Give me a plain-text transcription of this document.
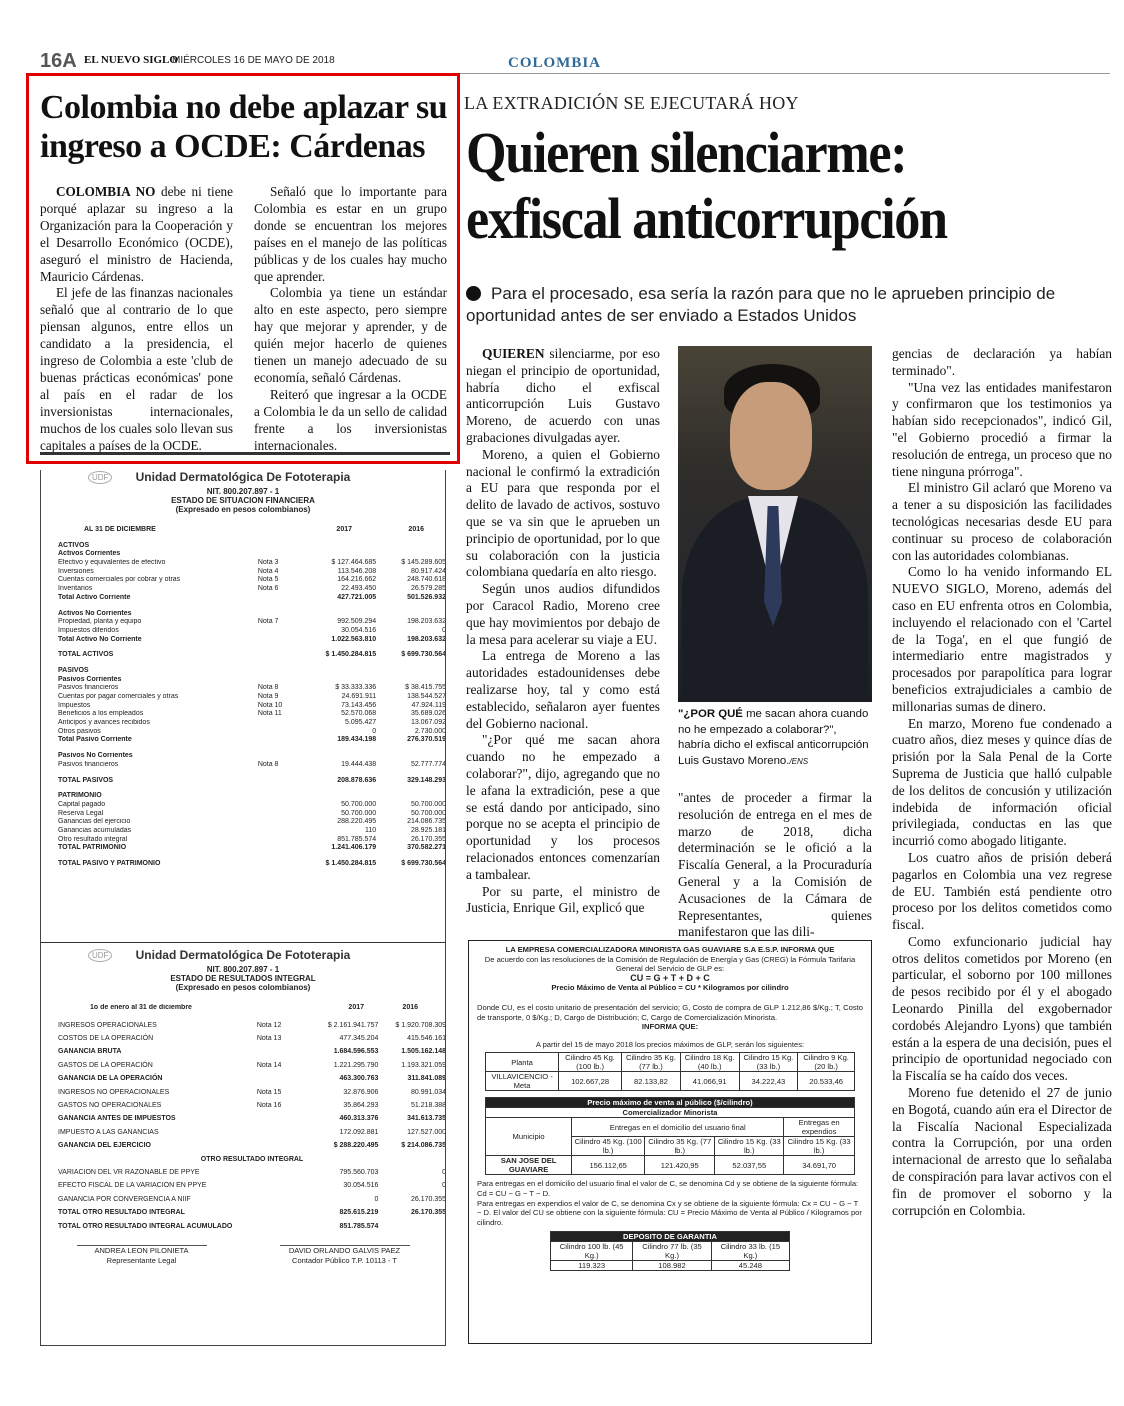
16A EL NUEVO SIGLO
MIÉRCOLES 16 DE MAYO DE 2018	COLOMBIA
Colombia no debe aplazar su ingreso a OCDE: Cárdenas

COLOMBIA NO debe ni tiene porqué aplazar su ingreso a la Organización para la Cooperación y el Desarrollo Económico (OCDE), aseguró el ministro de Hacienda, Mauricio Cárdenas.

El jefe de las finanzas nacionales señaló que al contrario de lo que piensan algunos, entre ellos un candidato a la presidencia, el ingreso de Colombia a este 'club de buenas prácticas económicas' pone al país en el radar de los inversionistas internacionales, muchos de los cuales solo llevan sus capitales a países de la OCDE.

Señaló que lo importante para Colombia es estar en un grupo donde se encuentran los mejores países en el manejo de las políticas públicas y de los cuales hay mucho que aprender.

Colombia ya tiene un estándar alto en este aspecto, pero siempre hay que mejorar y aprender, y de quién mejor hacerlo de quienes tienen un manejo adecuado de su economía, señaló Cárdenas.

Reiteró que ingresar a la OCDE a Colombia le da un sello de calidad frente a los inversionistas internacionales.

UDF	Unidad Dermatológica De Fototerapia
NIT. 800.207.897 - 1
ESTADO DE SITUACION FINANCIERA
(Expresado en pesos colombianos)
AL 31 DE DICIEMBRE	2017	2016
ACTIVOS
Activos Corrientes
Efectivo y equivalentes de efectivo	Nota 3	$ 127.464.685	$ 145.289.605
Inversiones	Nota 4	113.546.208	80.917.424
Cuentas comerciales por cobrar y otras	Nota 5	164.216.662	248.740.618
Inventarios	Nota 6	22.493.450	26.579.285
Total Activo Corriente	427.721.005	501.526.932
Activos No Corrientes
Propiedad, planta y equipo	Nota 7	992.509.294	198.203.632
Impuestos diferidos	30.054.516	0
Total Activo No Corriente	1.022.563.810	198.203.632
TOTAL ACTIVOS	$ 1.450.284.815	$ 699.730.564
PASIVOS
Pasivos Corrientes
Pasivos financieros	Nota 8	$ 33.333.336	$ 38.415.755
Cuentas por pagar comerciales y otras	Nota 9	24.691.911	138.544.527
Impuestos	Nota 10	73.143.456	47.924.119
Beneficios a los empleados	Nota 11	52.570.068	35.689.026
Anticipos y avances recibidos	5.095.427	13.067.092
Otros pasivos	0	2.730.000
Total Pasivo Corriente	189.434.198	276.370.519
Pasivos No Corrientes
Pasivos financieros	Nota 8	19.444.438	52.777.774
TOTAL PASIVOS	208.878.636	329.148.293
PATRIMONIO
Capital pagado	50.700.000	50.700.000
Reserva Legal	50.700.000	50.700.000
Ganancias del ejercicio	288.220.495	214.086.735
Ganancias acumuladas	110	28.925.181
Otro resultado integral	851.785.574	26.170.355
TOTAL PATRIMONIO	1.241.406.179	370.582.271
TOTAL PASIVO Y PATRIMONIO	$ 1.450.284.815	$ 699.730.564
UDF	Unidad Dermatológica De Fototerapia
NIT. 800.207.897 - 1
ESTADO DE RESULTADOS INTEGRAL
(Expresado en pesos colombianos)
1o de enero al 31 de diciembre	2017	2016
INGRESOS OPERACIONALES	Nota 12	$ 2.161.941.757	$ 1.920.708.309
COSTOS DE LA OPERACIÓN	Nota 13	477.345.204	415.546.161
GANANCIA BRUTA	1.684.596.553	1.505.162.148
GASTOS DE LA OPERACIÓN	Nota 14	1.221.295.790	1.193.321.059
GANANCIA DE LA OPERACIÓN	463.300.763	311.841.089
INGRESOS NO OPERACIONALES	Nota 15	32.876.906	80.991.034
GASTOS NO OPERACIONALES	Nota 16	35.864.293	51.218.388
GANANCIA ANTES DE IMPUESTOS	460.313.376	341.613.735
IMPUESTO A LAS GANANCIAS	172.092.881	127.527.000
GANANCIA DEL EJERCICIO	$ 288.220.495	$ 214.086.735
OTRO RESULTADO INTEGRAL
VARIACION DEL VR RAZONABLE DE PPYE	795.560.703	0
EFECTO FISCAL DE LA VARIACION EN PPYE	30.054.516	0
GANANCIA POR CONVERGENCIA A NIIF	0	26.170.355
TOTAL OTRO RESULTADO INTEGRAL	825.615.219	26.170.355
TOTAL OTRO RESULTADO INTEGRAL ACUMULADO	851.785.574
ANDREA LEON PILONIETA
Representante Legal
DAVID ORLANDO GALVIS PAEZ
Contador Público T.P. 10113 - T
LA EXTRADICIÓN SE EJECUTARÁ HOY
Quieren silenciarme: exfiscal anticorrupción
Para el procesado, esa sería la razón para que no le aprueben principio de oportunidad antes de ser enviado a Estados Unidos

QUIEREN silenciarme, por eso niegan el principio de oportunidad, habría dicho el exfiscal anticorrupción Luis Gustavo Moreno, de acuerdo con unas grabaciones divulgadas ayer.

Moreno, a quien el Gobierno nacional le confirmó la extradición a EU para que responda por el delito de lavado de activos, sostuvo que se va sin que le aprueben un principio de oportunidad, por lo que su colaboración con la justicia colombiana quedaría en alto riesgo.

Según unos audios difundidos por Caracol Radio, Moreno cree que hay movimientos por debajo de la mesa para acelerar su viaje a EU.

La entrega de Moreno a las autoridades estadounidenses debe realizarse hoy, tal y como está establecido, señalaron ayer fuentes del Gobierno nacional.

"¿Por qué me sacan ahora cuando no he empezado a colaborar?", dijo, agregando que no le afana la extradición, pese a que se está dando por anticipado, sino porque no se acepta el principio de oportunidad y los procesos relacionados entonces comenzarían a tambalear.

Por su parte, el ministro de Justicia, Enrique Gil, explicó que

"¿POR QUÉ me sacan ahora cuando no he empezado a colaborar?", habría dicho el exfiscal anticorrupción Luis Gustavo Moreno./ENS

"antes de proceder a firmar la resolución de entrega en el mes de marzo de 2018, dicha determinación se le ofició a la Fiscalía General, a la Procuraduría General y a la Comisión de Acusaciones de la Cámara de Representantes, quienes manifestaron que las dili-

gencias de declaración ya habían terminado".

"Una vez las entidades manifestaron y confirmaron que los testimonios ya habían sido recepcionados", indicó Gil, "el Gobierno procedió a firmar la resolución de entrega, un proceso que no tiene ninguna prórroga".

El ministro Gil aclaró que Moreno va a tener a su disposición las facilidades tecnológicas necesarias desde EU para continuar su proceso de colaboración con las autoridades colombianas.

Como lo ha venido informando EL NUEVO SIGLO, Moreno, además del caso en EU enfrenta otros en Colombia, incluyendo el relacionado con el 'Cartel de la Toga', en el que fungió de intermediario entre magistrados y procesados por parapolítica para lograr beneficios extrajudiciales a cambio de millonarias sumas de dinero.

En marzo, Moreno fue condenado a cuatro años, diez meses y quince días de prisión por la Sala Penal de la Corte Suprema de Justicia que halló culpable de los delitos de concusión y utilización indebida de información oficial privilegiada, conductas en las que incurrió como abogado litigante.

Los cuatro años de prisión deberá pagarlos en Colombia una vez regrese de EU. También está pendiente otro proceso por los delitos cometidos como fiscal.

Como exfuncionario judicial hay otros delitos cometidos por Moreno (en particular, el soborno por 100 millones de pesos recibido por él y el abogado Leonardo Pinilla del exgobernador cordobés Alejandro Lyons) que también están a la espera de una decisión, pues el principio de oportunidad negociado con la Fiscalía se ha caído dos veces.

Moreno fue detenido el 27 de junio en Bogotá, cuando aún era el Director de la Fiscalía Nacional Especializada contra la Corrupción, por una orden internacional de arresto que lo señalaba de conspiración para lavar activos con el fin de promover el soborno y la corrupción en Colombia.

LA EMPRESA COMERCIALIZADORA MINORISTA GAS GUAVIARE S.A E.S.P. INFORMA QUE
De acuerdo con las resoluciones de la Comisión de Regulación de Energía y Gas (CREG) la Fórmula Tarifaria General del Servicio de GLP es:
CU = G + T + D + C
Precio Máximo de Venta al Público = CU * Kilogramos por cilindro
Donde CU, es el costo unitario de presentación del servicio; G, Costo de compra de GLP 1.212,86 $/Kg.; T, Costo de transporte, 0 $/Kg.; D, Cargo de Distribución; C, Cargo de Comercialización Minorista.
INFORMA QUE:
A partir del 15 de mayo 2018 los precios máximos de GLP, serán los siguientes:
Planta	Cilindro 45 Kg. (100 lb.)	Cilindro 35 Kg. (77 lb.)	Cilindro 18 Kg. (40 lb.)	Cilindro 15 Kg. (33 lb.)	Cilindro 9 Kg. (20 lb.)
VILLAVICENCIO - Meta	102.667,28	82.133,82	41.066,91	34.222,43	20.533,46
Precio máximo de venta al público ($/cilindro)				
Comercializador Minorista				
Municipio	Entregas en el domicilio del usuario final			Entregas en expendios
	Cilindro 45 Kg. (100 lb.)	Cilindro 35 Kg. (77 lb.)	Cilindro 15 Kg. (33 lb.)	Cilindro 15 Kg. (33 lb.)
SAN JOSE DEL GUAVIARE	156.112,65	121.420,95	52.037,55	34.691,70
Para entregas en el domicilio del usuario final el valor de C, se denomina Cd y se obtiene de la siguiente fórmula: Cd = CU − G − T − D.
Para entregas en expendios el valor de C, se denomina Cx y se obtiene de la siguiente fórmula: Cx = CU − G − T − D. El valor del CU se obtiene con la siguiente fórmula: CU = Precio Máximo de Venta al Público / Kilogramos por cilindro.
DEPOSITO DE GARANTIA		
Cilindro 100 lb. (45 Kg.)	Cilindro 77 lb. (35 Kg.)	Cilindro 33 lb. (15 Kg.)
119.323	108.982	45.248
